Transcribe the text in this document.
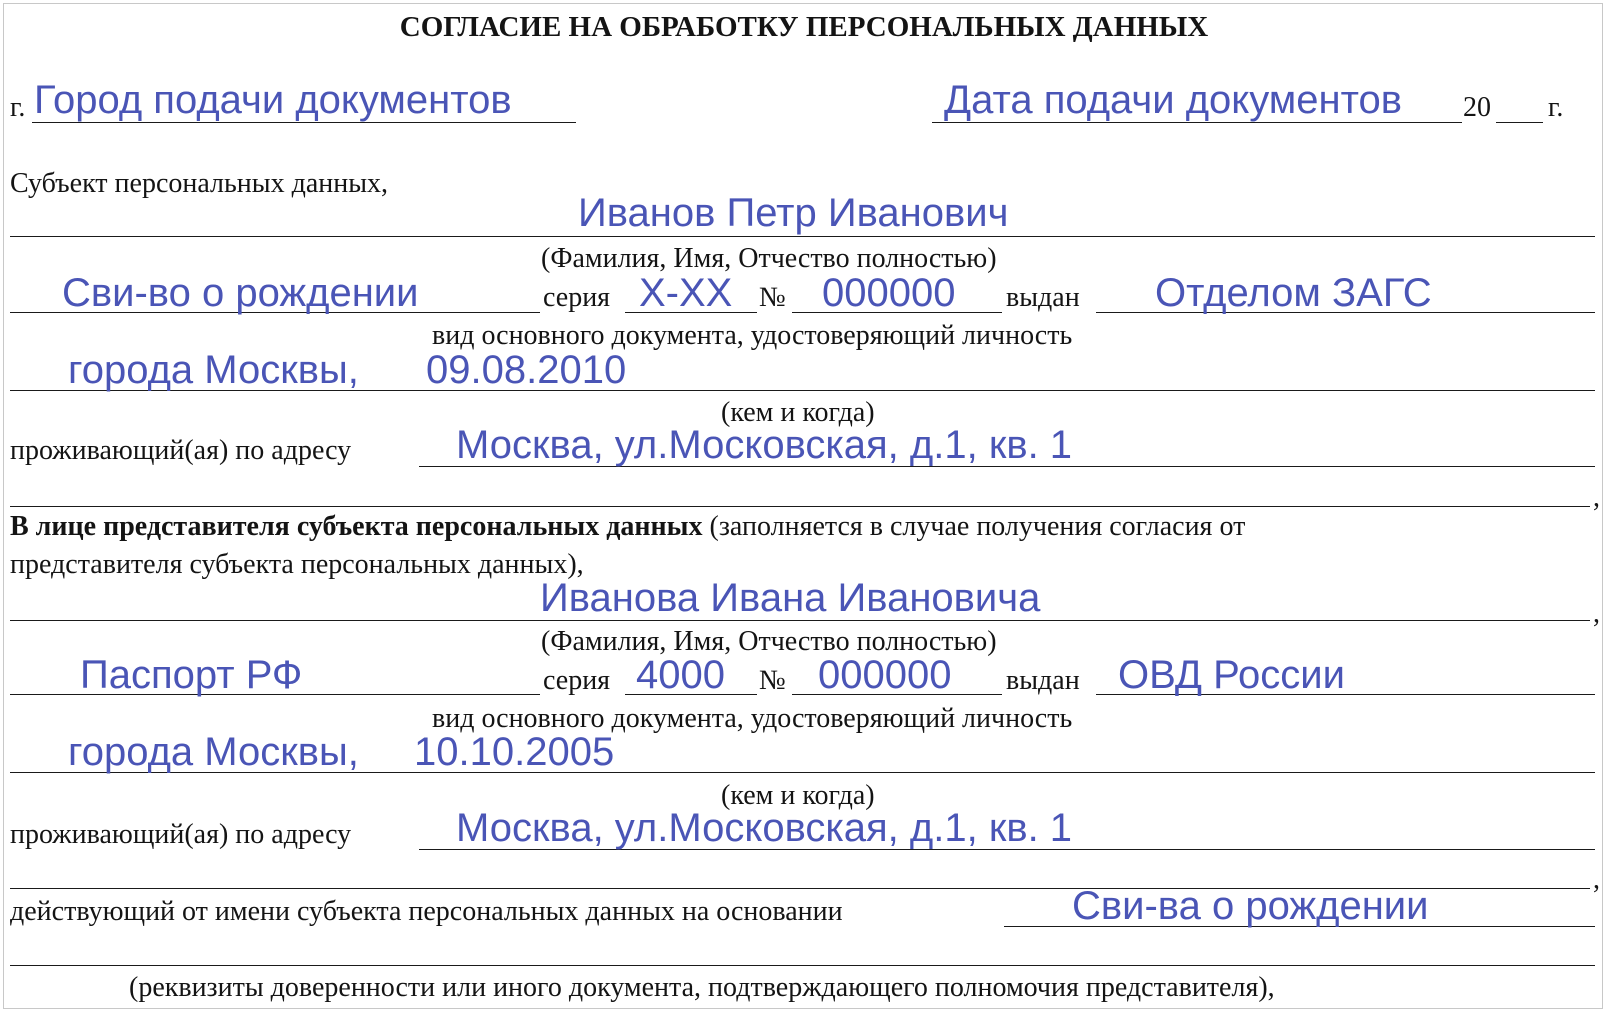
СОГЛАСИЕ НА ОБРАБОТКУ ПЕРСОНАЛЬНЫХ ДАННЫХ
г. Город подачи документов	Дата подачи документов 20 г.
Субъект персональных данных,
Иванов Петр Иванович
(Фамилия, Имя, Отчество полностью)
Сви-во о рождении	серия Х-ХХ № 000000 выдан Отделом ЗАГС
вид основного документа, удостоверяющий личность
города Москвы, 09.08.2010
(кем и когда)
проживающий(ая) по адресу	Москва, ул.Московская, д.1, кв. 1
,
В лице представителя субъекта персональных данных (заполняется в случае получения согласия от
представителя субъекта персональных данных),
Иванова Ивана Ивановича	,
(Фамилия, Имя, Отчество полностью)
Паспорт РФ	серия 4000 № 000000 выдан ОВД России
вид основного документа, удостоверяющий личность
города Москвы, 10.10.2005
(кем и когда)
проживающий(ая) по адресу	Москва, ул.Московская, д.1, кв. 1
,
действующий от имени субъекта персональных данных на основании	Сви-ва о рождении
(реквизиты доверенности или иного документа, подтверждающего полномочия представителя),
